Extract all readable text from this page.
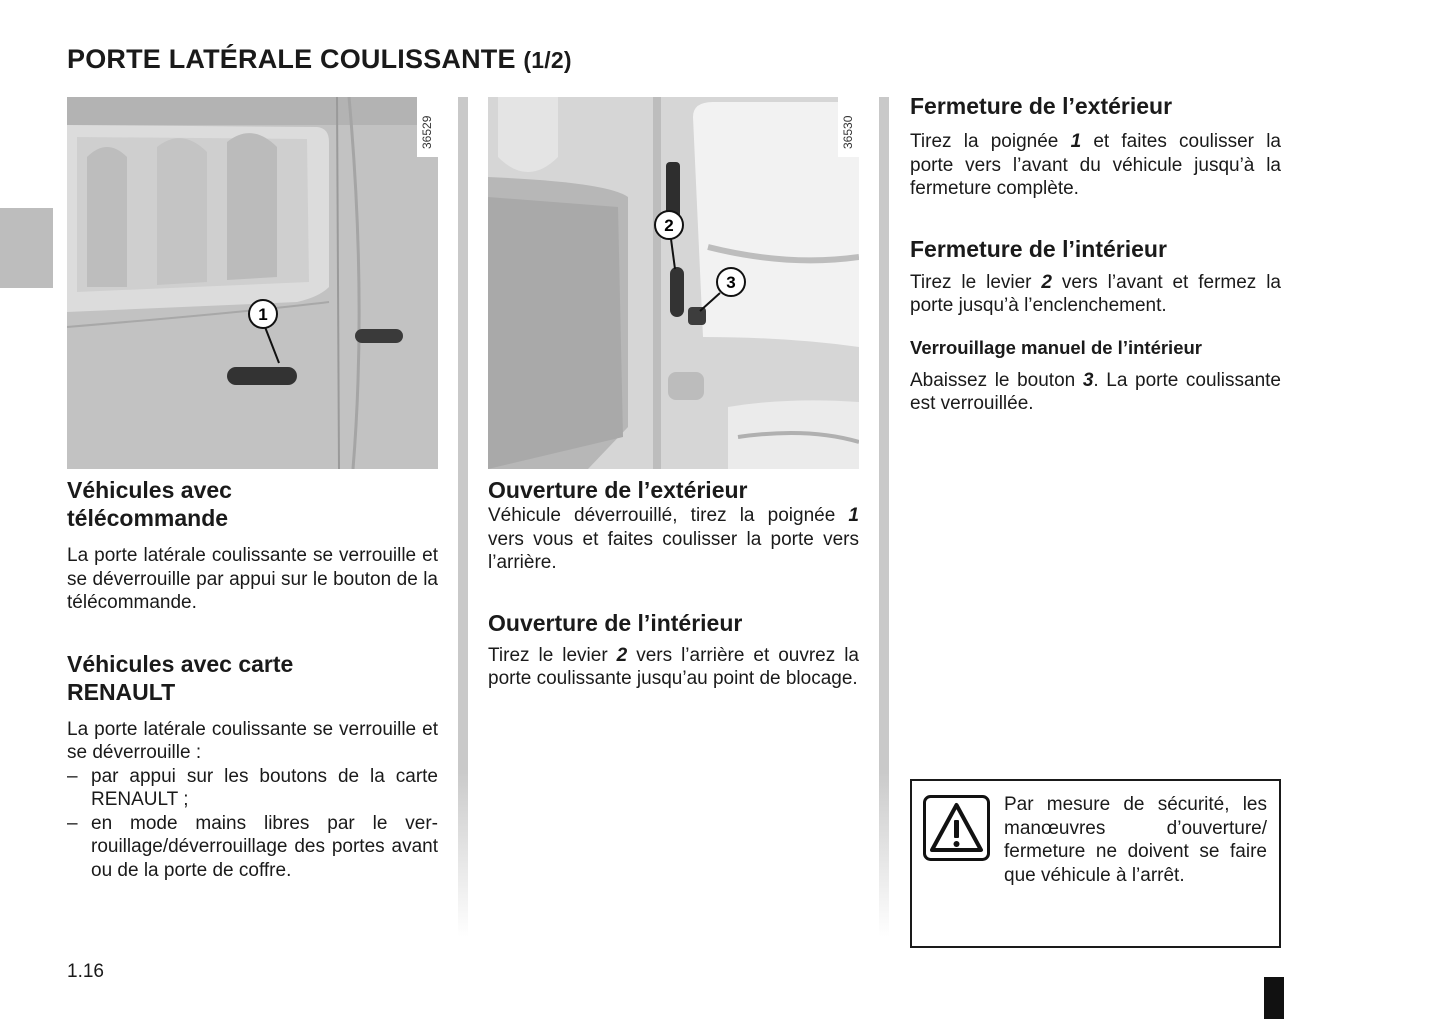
PORTE LATÉRALE COULISSANTE (1/2)
36529
1
Véhicules avec télécommande

La porte latérale coulissante se verrouille et se déverrouille par appui sur le bouton de la télécommande.

Véhicules avec carte RENAULT

La porte latérale coulissante se verrouille et se déverrouille :

– par appui sur les boutons de la carte RENAULT ;

– en mode mains libres par le verrouillage/déverrouillage des portes avant ou de la porte de coffre.

36530
2
3
Ouverture de l’extérieur

Véhicule déverrouillé, tirez la poignée 1 vers vous et faites coulisser la porte vers l’arrière.

Ouverture de l’intérieur

Tirez le levier 2 vers l’arrière et ouvrez la porte coulissante jusqu’au point de blocage.

Fermeture de l’extérieur

Tirez la poignée 1 et faites coulisser la porte vers l’avant du véhicule jusqu’à la fermeture complète.

Fermeture de l’intérieur

Tirez le levier 2 vers l’avant et fermez la porte jusqu’à l’enclenchement.

Verrouillage manuel de l’intérieur

Abaissez le bouton 3. La porte coulissante est verrouillée.

Par mesure de sécurité, les manœuvres d’ouverture/ fermeture ne doivent se faire que véhicule à l’arrêt.

1.16
